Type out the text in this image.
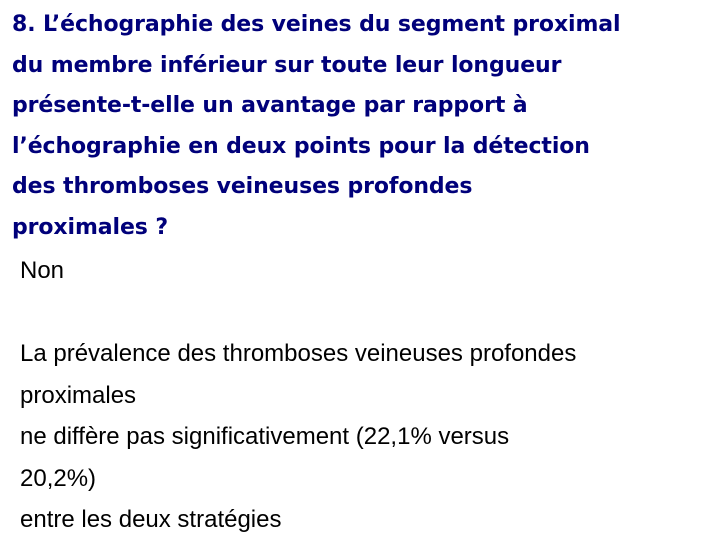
8. L’échographie des veines du segment proximal
du membre inférieur sur toute leur longueur
présente-t-elle un avantage par rapport à
l’échographie en deux points pour la détection
des thromboses veineuses profondes
proximales ?
Non
La prévalence des thromboses veineuses profondes
proximales
ne diffère pas significativement (22,1% versus
20,2%)
entre les deux stratégies
